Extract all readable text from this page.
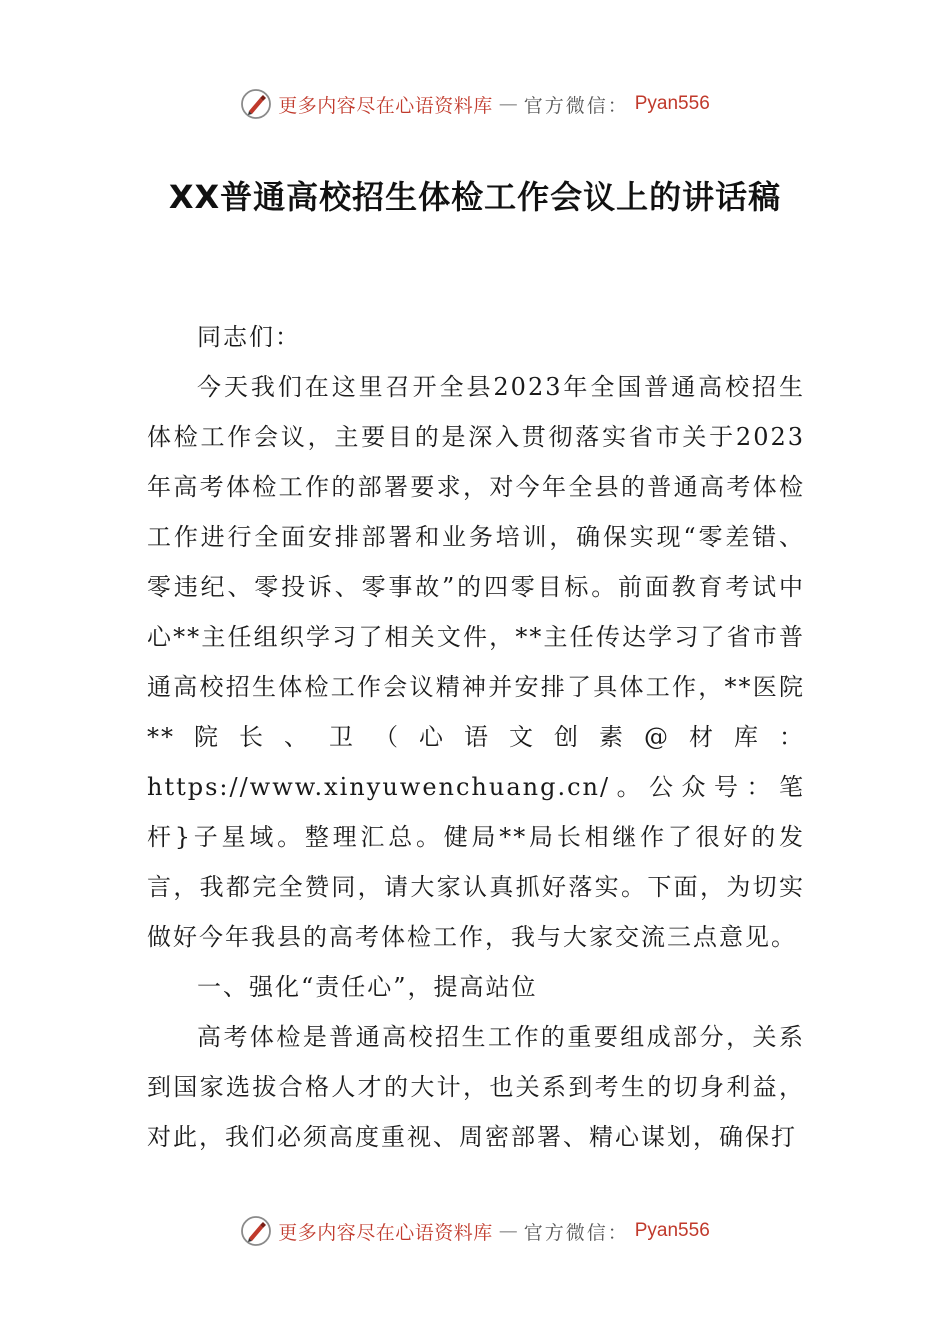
更多内容尽在心语资料库 — 官方微信： Pyan556
XX普通高校招生体检工作会议上的讲话稿

同志们：

今天我们在这里召开全县2023年全国普通高校招生体检工作会议，主要目的是深入贯彻落实省市关于2023年高考体检工作的部署要求，对今年全县的普通高考体检工作进行全面安排部署和业务培训，确保实现“零差错、零违纪、零投诉、零事故”的四零目标。前面教育考试中心**主任组织学习了相关文件，**主任传达学习了省市普通高校招生体检工作会议精神并安排了具体工作，**医院**院长、卫（心语文创素@材库：https://www.xinyuwenchuang.cn/。公众号：笔杆}子星域。整理汇总。健局**局长相继作了很好的发言，我都完全赞同，请大家认真抓好落实。下面，为切实做好今年我县的高考体检工作，我与大家交流三点意见。

一、强化“责任心”，提高站位

高考体检是普通高校招生工作的重要组成部分，关系到国家选拔合格人才的大计，也关系到考生的切身利益，对此，我们必须高度重视、周密部署、精心谋划，确保打

更多内容尽在心语资料库 — 官方微信： Pyan556
